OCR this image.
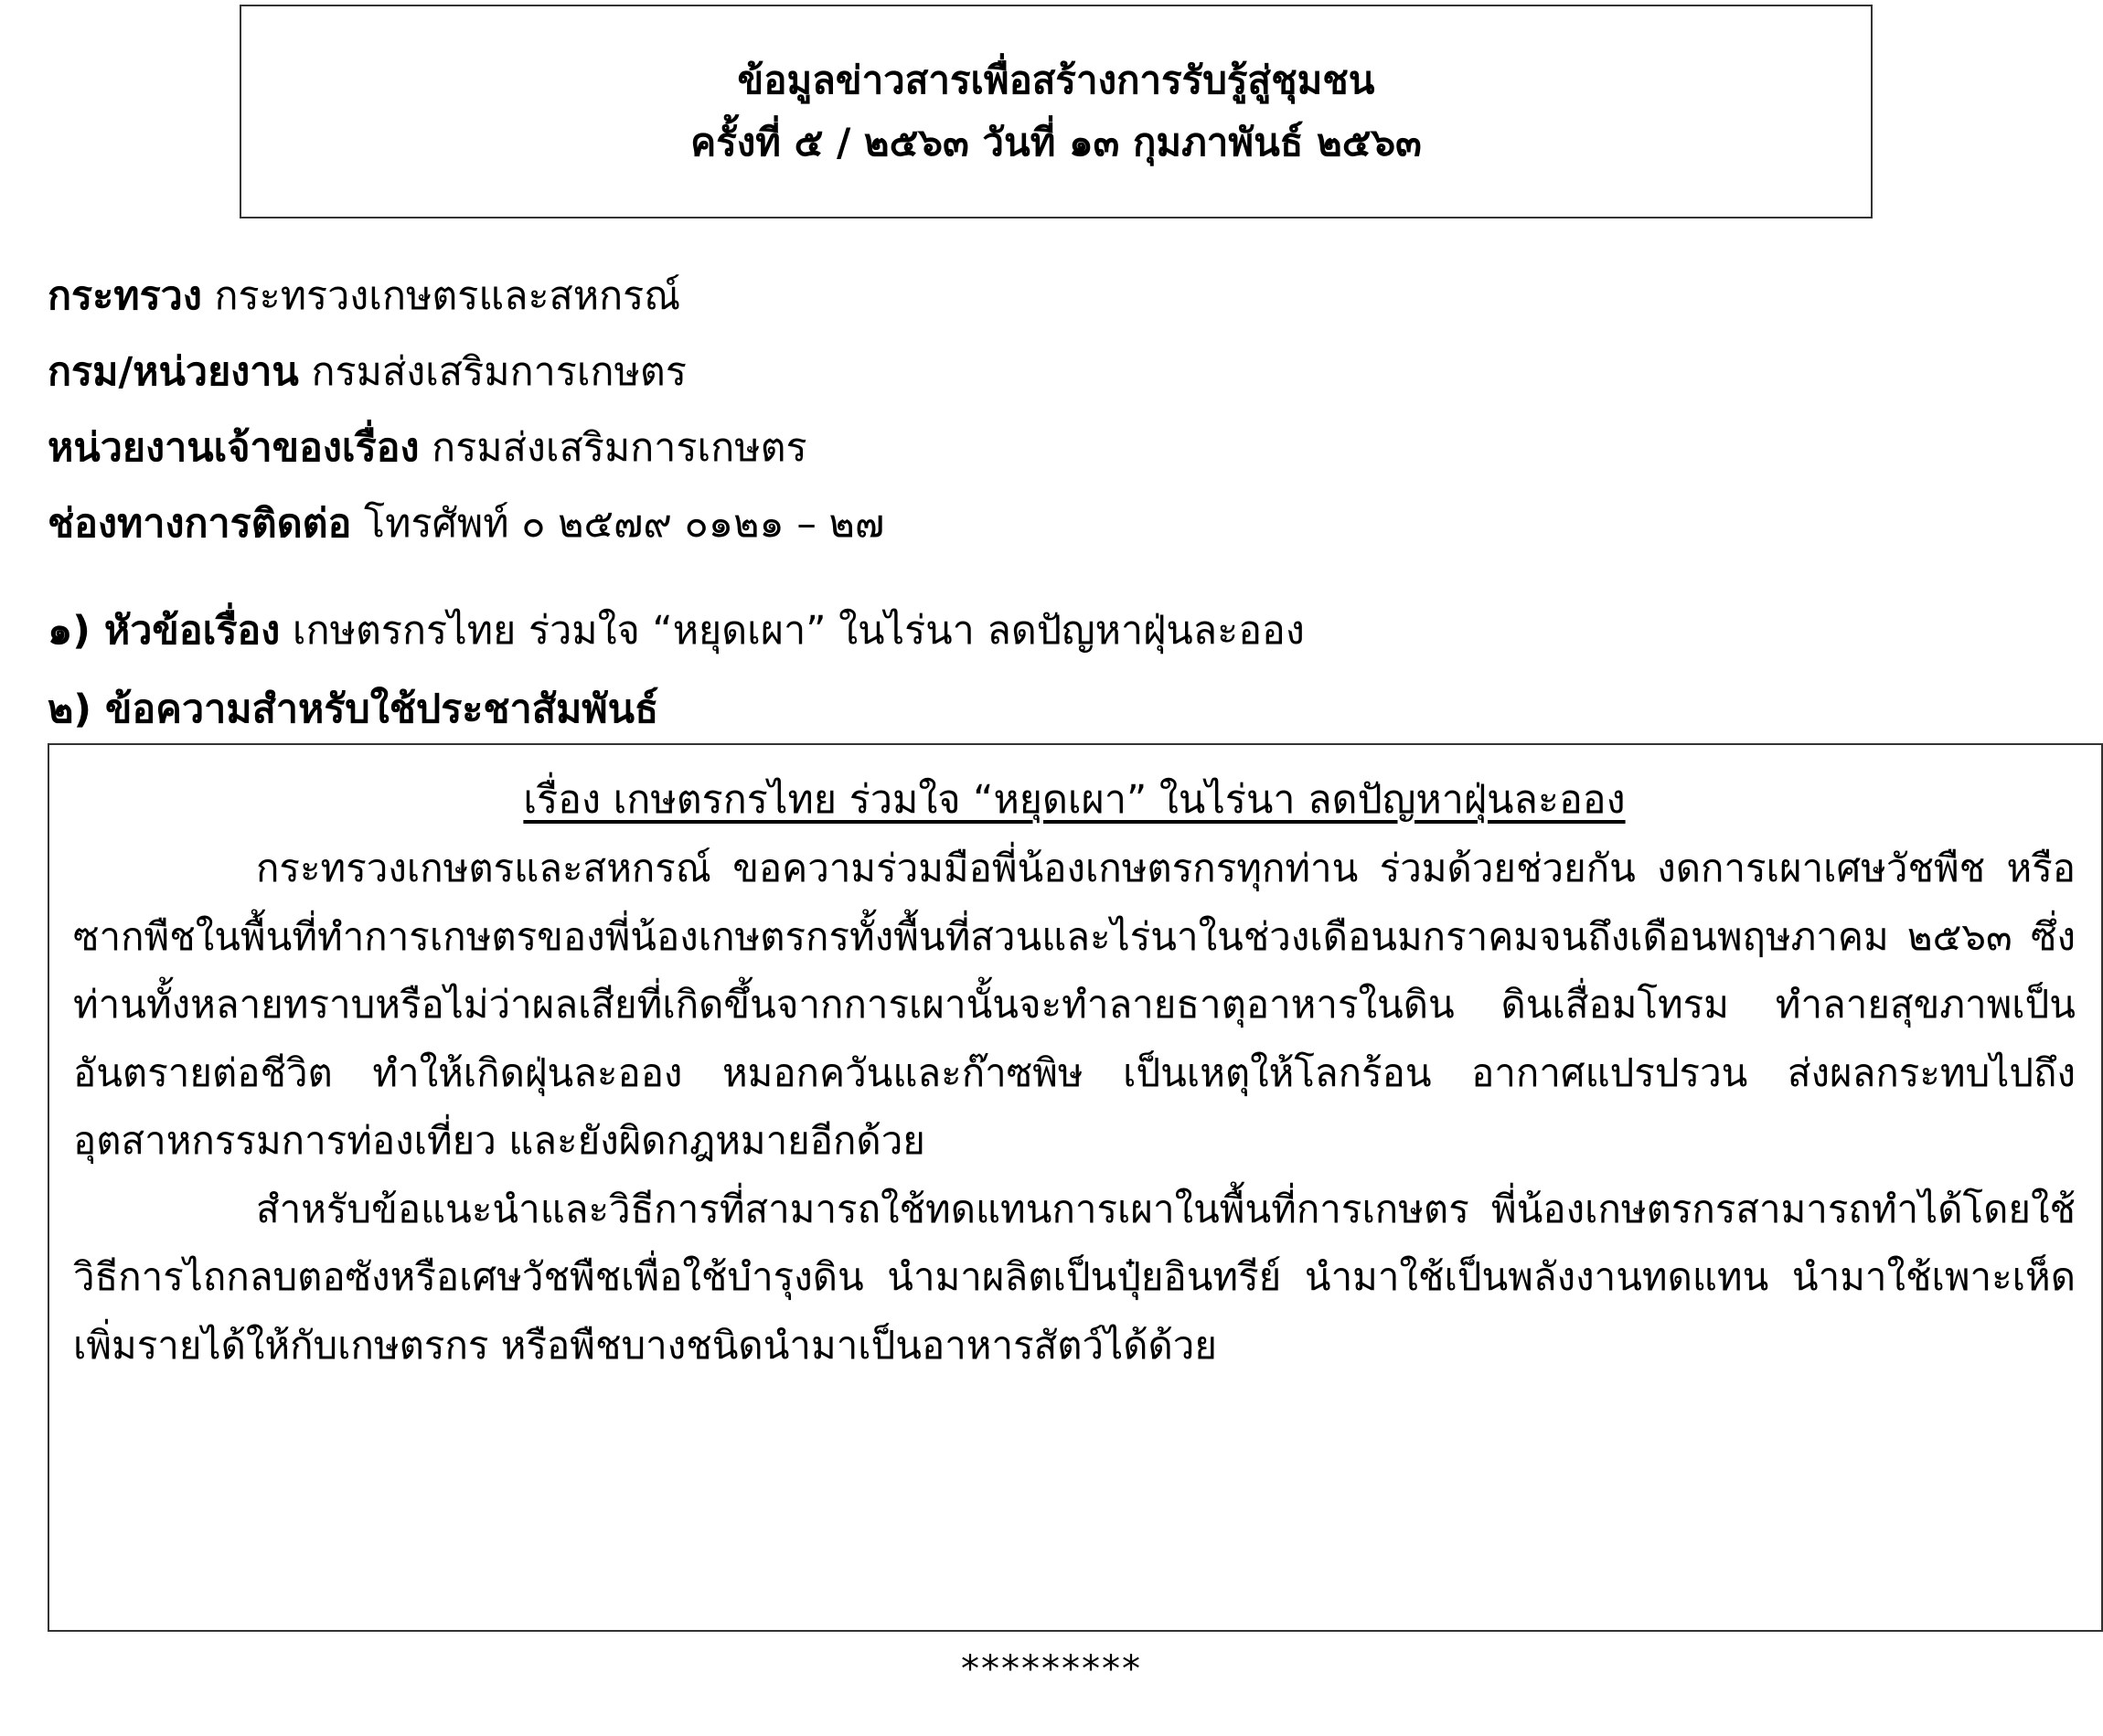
ข้อมูลข่าวสารเพื่อสร้างการรับรู้สู่ชุมชน
ครั้งที่ ๕ / ๒๕๖๓ วันที่ ๑๓ กุมภาพันธ์ ๒๕๖๓
กระทรวง กระทรวงเกษตรและสหกรณ์
กรม/หน่วยงาน กรมส่งเสริมการเกษตร
หน่วยงานเจ้าของเรื่อง กรมส่งเสริมการเกษตร
ช่องทางการติดต่อ โทรศัพท์ ๐ ๒๕๗๙ ๐๑๒๑ – ๒๗
๑) หัวข้อเรื่อง เกษตรกรไทย ร่วมใจ “หยุดเผา” ในไร่นา ลดปัญหาฝุ่นละออง
๒) ข้อความสำหรับใช้ประชาสัมพันธ์
เรื่อง เกษตรกรไทย ร่วมใจ “หยุดเผา” ในไร่นา ลดปัญหาฝุ่นละออง

กระทรวงเกษตรและสหกรณ์ ขอความร่วมมือพี่น้องเกษตรกรทุกท่าน ร่วมด้วยช่วยกัน งดการเผาเศษวัชพืช หรือซากพืชในพื้นที่ทำการเกษตรของพี่น้องเกษตรกรทั้งพื้นที่สวนและไร่นาในช่วงเดือนมกราคมจนถึงเดือนพฤษภาคม ๒๕๖๓ ซึ่งท่านทั้งหลายทราบหรือไม่ว่าผลเสียที่เกิดขึ้นจากการเผานั้นจะทำลายธาตุอาหารในดิน ดินเสื่อมโทรม ทำลายสุขภาพเป็นอันตรายต่อชีวิต ทำให้เกิดฝุ่นละออง หมอกควันและก๊าซพิษ เป็นเหตุให้โลกร้อน อากาศแปรปรวน ส่งผลกระทบไปถึงอุตสาหกรรมการท่องเที่ยว และยังผิดกฎหมายอีกด้วย

สำหรับข้อแนะนำและวิธีการที่สามารถใช้ทดแทนการเผาในพื้นที่การเกษตร พี่น้องเกษตรกรสามารถทำได้โดยใช้วิธีการไถกลบตอซังหรือเศษวัชพืชเพื่อใช้บำรุงดิน นำมาผลิตเป็นปุ๋ยอินทรีย์ นำมาใช้เป็นพลังงานทดแทน นำมาใช้เพาะเห็ดเพิ่มรายได้ให้กับเกษตรกร หรือพืชบางชนิดนำมาเป็นอาหารสัตว์ได้ด้วย

*********
